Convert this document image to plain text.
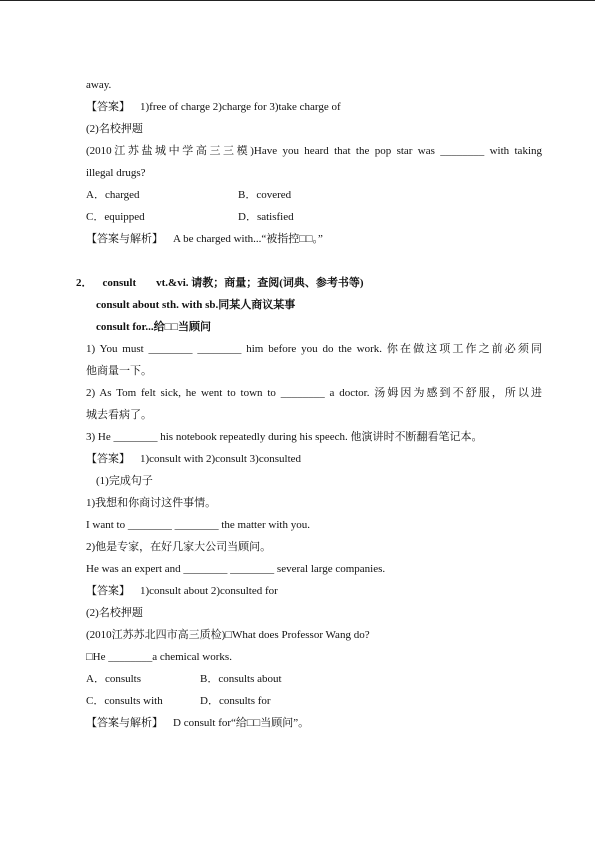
away.
【答案】 1)free of charge 2)charge for 3)take charge of
(2)名校押题
(2010江苏盐城中学高三三模)Have you heard that the pop star was ________ with taking
illegal drugs?
A．charged	B．covered
C．equipped	D．satisfied
【答案与解析】 A be charged with...“被指控□□。”
2． consult vt.&vi. 请教；商量；查阅(词典、参考书等)
consult about sth. with sb.同某人商议某事
consult for...给□□当顾问
1) You must ________ ________ him before you do the work. 你在做这项工作之前必须同
他商量一下。
2) As Tom felt sick, he went to town to ________ a doctor. 汤姆因为感到不舒服，所以进
城去看病了。
3) He ________ his notebook repeatedly during his speech. 他演讲时不断翻看笔记本。
【答案】 1)consult with 2)consult 3)consulted
(1)完成句子
1)我想和你商讨这件事情。
I want to ________ ________ the matter with you.
2)他是专家，在好几家大公司当顾问。
He was an expert and ________ ________ several large companies.
【答案】 1)consult about 2)consulted for
(2)名校押题
(2010江苏苏北四市高三质检)□What does Professor Wang do?
□He ________a chemical works.
A．consults	B．consults about
C．consults with	D．consults for
【答案与解析】 D consult for“给□□当顾问”。
